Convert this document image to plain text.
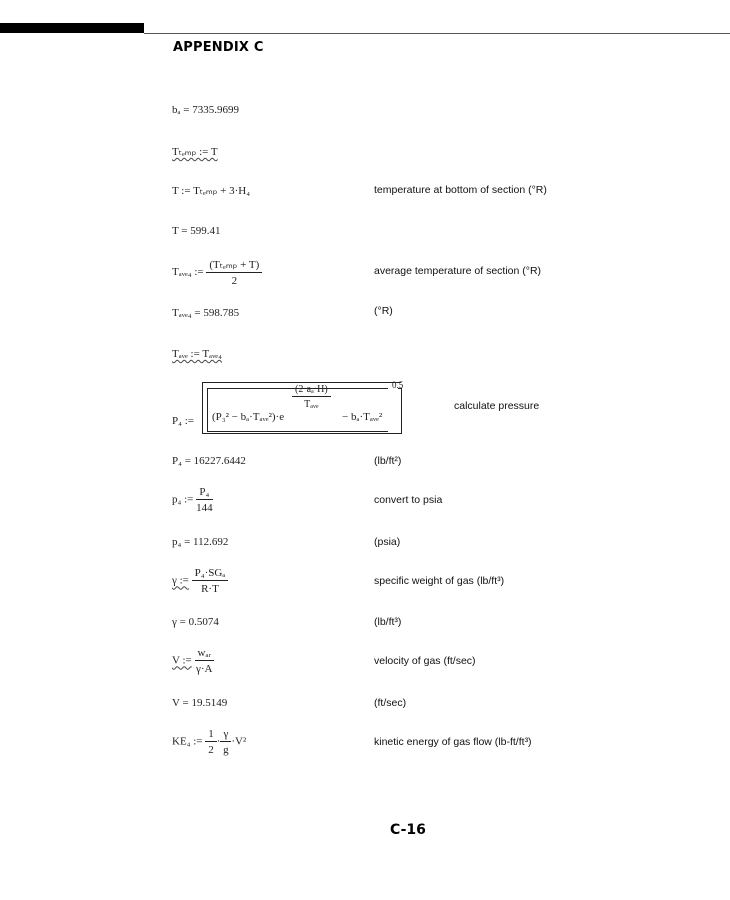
APPENDIX C
bₐ = 7335.9699
Tₜₑₘₚ := T
T := Tₜₑₘₚ + 3·H₄	temperature at bottom of section (°R)
T = 599.41
Tₐᵥₑ₄ := $\frac{\text{(Tₜₑₘₚ + T)}}{2}$	average temperature of section (°R)
Tₐᵥₑ₄ = 598.785	(°R)
Tₐᵥₑ := Tₐᵥₑ₄
P₄ := (P₃² − bₐ·Tₐᵥₑ²)·e
$\frac{\text{(2·aₐ·H)}}{\text{Tₐᵥₑ}}$
− bₐ·Tₐᵥₑ²
0.5
calculate pressure
P₄ = 16227.6442	(lb/ft²)
p₄ := $\frac{\text{P₄}}{144}$	convert to psia
p₄ = 112.692	(psia)
γ := $\frac{\text{P₄·SGₐ}}{R\cdot T}$	specific weight of gas (lb/ft³)
γ = 0.5074	(lb/ft³)
V := $\frac{\text{wₐᵣ}}{\gamma\cdot A}$	velocity of gas (ft/sec)
V = 19.5149	(ft/sec)
KE₄ := $\frac{1}{2} \cdot \frac{\gamma}{g} \cdot V^2$	kinetic energy of gas flow (lb-ft/ft³)
C-16
